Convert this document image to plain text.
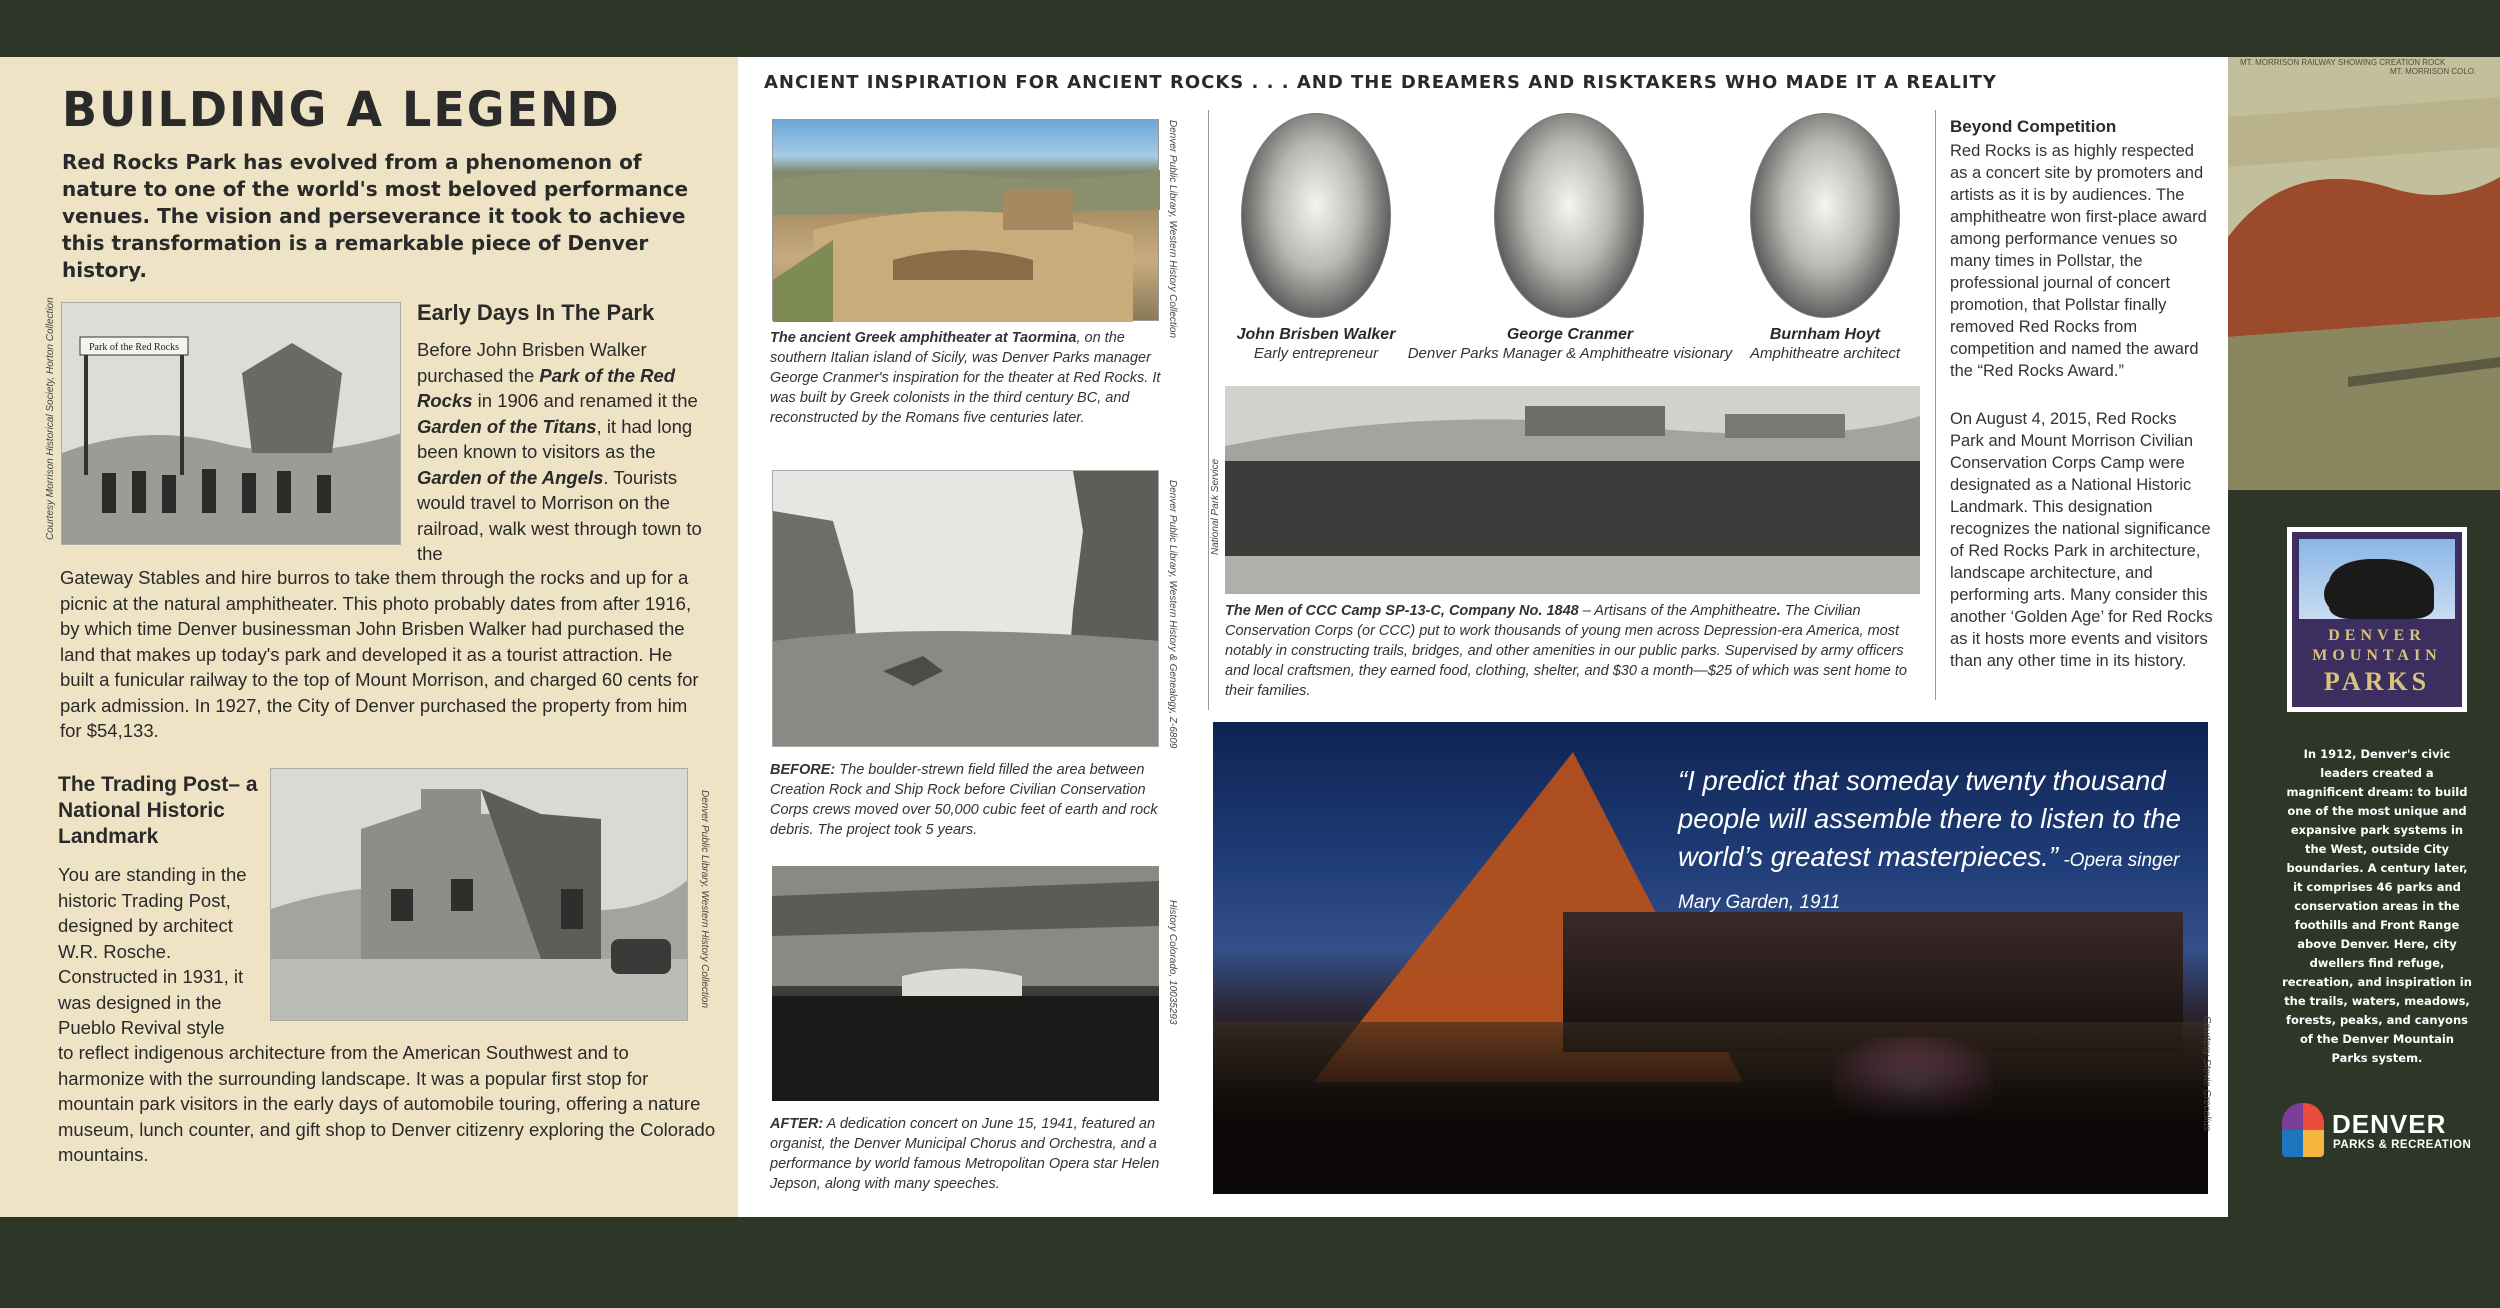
BUILDING A LEGEND
Red Rocks Park has evolved from a phenomenon of nature to one of the world's most beloved performance venues. The vision and perseverance it took to achieve this transformation is a remarkable piece of Denver history.
Park of the Red Rocks
Courtesy Morrison Historical Society, Horton Collection	Early Days In The Park
Before John Brisben Walker purchased the Park of the Red Rocks in 1906 and renamed it the Garden of the Titans, it had long been known to visitors as the Garden of the Angels. Tourists would travel to Morrison on the railroad, walk west through town to the
Gateway Stables and hire burros to take them through the rocks and up for a picnic at the natural amphitheater. This photo probably dates from after 1916, by which time Denver businessman John Brisben Walker had purchased the land that makes up today's park and developed it as a tourist attraction. He built a funicular railway to the top of Mount Morrison, and charged 60 cents for park admission. In 1927, the City of Denver purchased the property from him for $54,133.
The Trading Post– a National Historic Landmark	Denver Public Library, Western History Collection
You are standing in the historic Trading Post, designed by architect W.R. Rosche. Constructed in 1931, it was designed in the Pueblo Revival style
to reflect indigenous architecture from the American Southwest and to harmonize with the surrounding landscape. It was a popular first stop for mountain park visitors in the early days of automobile touring, offering a nature museum, lunch counter, and gift shop to Denver citizenry exploring the Colorado mountains.
ANCIENT INSPIRATION FOR ANCIENT ROCKS . . . AND THE DREAMERS AND RISKTAKERS WHO MADE IT A REALITY
Denver Public Library, Western History Collection
The ancient Greek amphitheater at Taormina, on the southern Italian island of Sicily, was Denver Parks manager George Cranmer's inspiration for the theater at Red Rocks. It was built by Greek colonists in the third century BC, and reconstructed by the Romans five centuries later.
Denver Public Library, Western History & Genealogy, Z-6809
BEFORE: The boulder-strewn field filled the area between Creation Rock and Ship Rock before Civilian Conservation Corps crews moved over 50,000 cubic feet of earth and rock debris. The project took 5 years.
History Colorado, 10035293
AFTER: A dedication concert on June 15, 1941, featured an organist, the Denver Municipal Chorus and Orchestra, and a performance by world famous Metropolitan Opera star Helen Jepson, along with many speeches.
John Brisben Walker
Early entrepreneur
George Cranmer
Denver Parks Manager & Amphitheatre visionary
Burnham Hoyt
Amphitheatre architect
National Park Service
The Men of CCC Camp SP-13-C, Company No. 1848 – Artisans of the Amphitheatre. The Civilian Conservation Corps (or CCC) put to work thousands of young men across Depression-era America, most notably in constructing trails, bridges, and other amenities in our public parks. Supervised by army officers and local craftsmen, they earned food, clothing, shelter, and $30 a month—$25 of which was sent home to their families.
Beyond Competition
Red Rocks is as highly respected as a concert site by promoters and artists as it is by audiences. The amphitheatre won first-place award among performance venues so many times in Pollstar, the professional journal of concert promotion, that Pollstar finally removed Red Rocks from competition and named the award the “Red Rocks Award.”
On August 4, 2015, Red Rocks Park and Mount Morrison Civilian Conservation Corps Camp were designated as a National Historic Landmark. This designation recognizes the national significance of Red Rocks Park in architecture, landscape architecture, and performing arts. Many consider this another ‘Golden Age’ for Red Rocks as it hosts more events and visitors than any other time in its history.
“I predict that someday twenty thousand people will assemble there to listen to the world’s greatest masterpieces.” -Opera singer Mary Garden, 1911
Courtesy Stevie Crecelius
MT. MORRISON RAILWAY SHOWING CREATION ROCK
MT. MORRISON COLO.
DENVER
MOUNTAIN
PARKS
In 1912, Denver's civic leaders created a magnificent dream: to build one of the most unique and expansive park systems in the West, outside City boundaries. A century later, it comprises 46 parks and conservation areas in the foothills and Front Range above Denver. Here, city dwellers find refuge, recreation, and inspiration in the trails, waters, meadows, forests, peaks, and canyons of the Denver Mountain Parks system.
DENVER
PARKS & RECREATION
